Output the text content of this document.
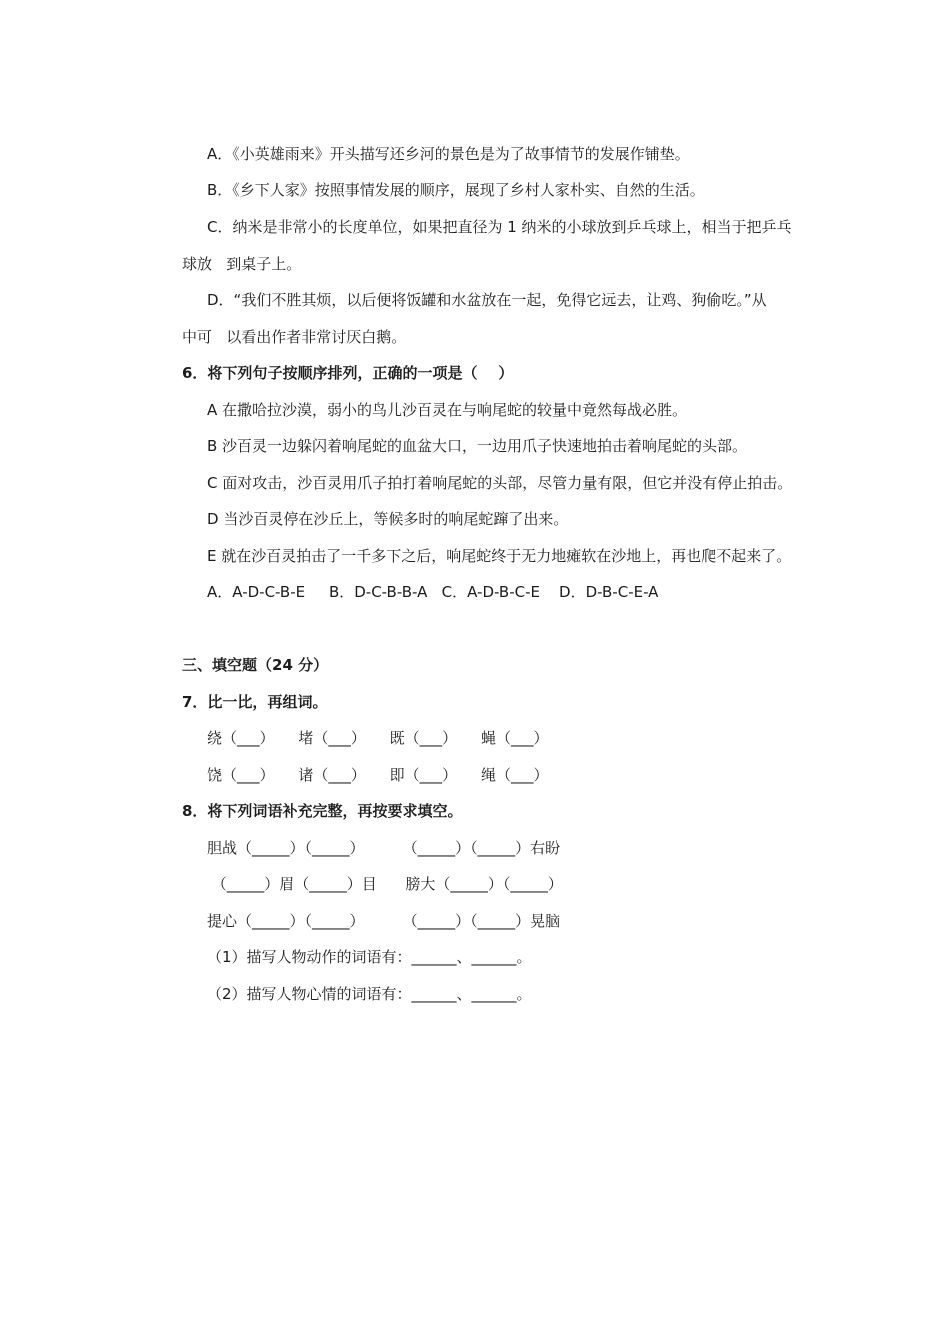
A．《小英雄雨来》开头描写还乡河的景色是为了故事情节的发展作铺垫。
B．《乡下人家》按照事情发展的顺序，展现了乡村人家朴实、自然的生活。
C．纳米是非常小的长度单位，如果把直径为 1 纳米的小球放到乒乓球上，相当于把乒乓
球放   到桌子上。
D．“我们不胜其烦，以后便将饭罐和水盆放在一起，免得它远去，让鸡、狗偷吃。”从
中可   以看出作者非常讨厌白鹅。
6．将下列句子按顺序排列，正确的一项是（    ）
A 在撒哈拉沙漠，弱小的鸟儿沙百灵在与响尾蛇的较量中竟然每战必胜。
B 沙百灵一边躲闪着响尾蛇的血盆大口，一边用爪子快速地拍击着响尾蛇的头部。
C 面对攻击，沙百灵用爪子拍打着响尾蛇的头部，尽管力量有限，但它并没有停止拍击。
D 当沙百灵停在沙丘上，等候多时的响尾蛇蹿了出来。
E 就在沙百灵拍击了一千多下之后，响尾蛇终于无力地瘫软在沙地上，再也爬不起来了。
A．A-D-C-B-E     B．D-C-B-B-A   C．A-D-B-C-E    D．D-B-C-E-A
三、填空题（24 分）
7．比一比，再组词。
绕（___）     堵（___）     既（___）     蝇（___）
饶（___）     诸（___）     即（___）     绳（___）
8．将下列词语补充完整，再按要求填空。
胆战（_____）（_____）        （_____）（_____）右盼
（_____）眉（_____）目      膀大（_____）（_____）
提心（_____）（_____）        （_____）（_____）晃脑
（1）描写人物动作的词语有：______、______。
（2）描写人物心情的词语有：______、______。
